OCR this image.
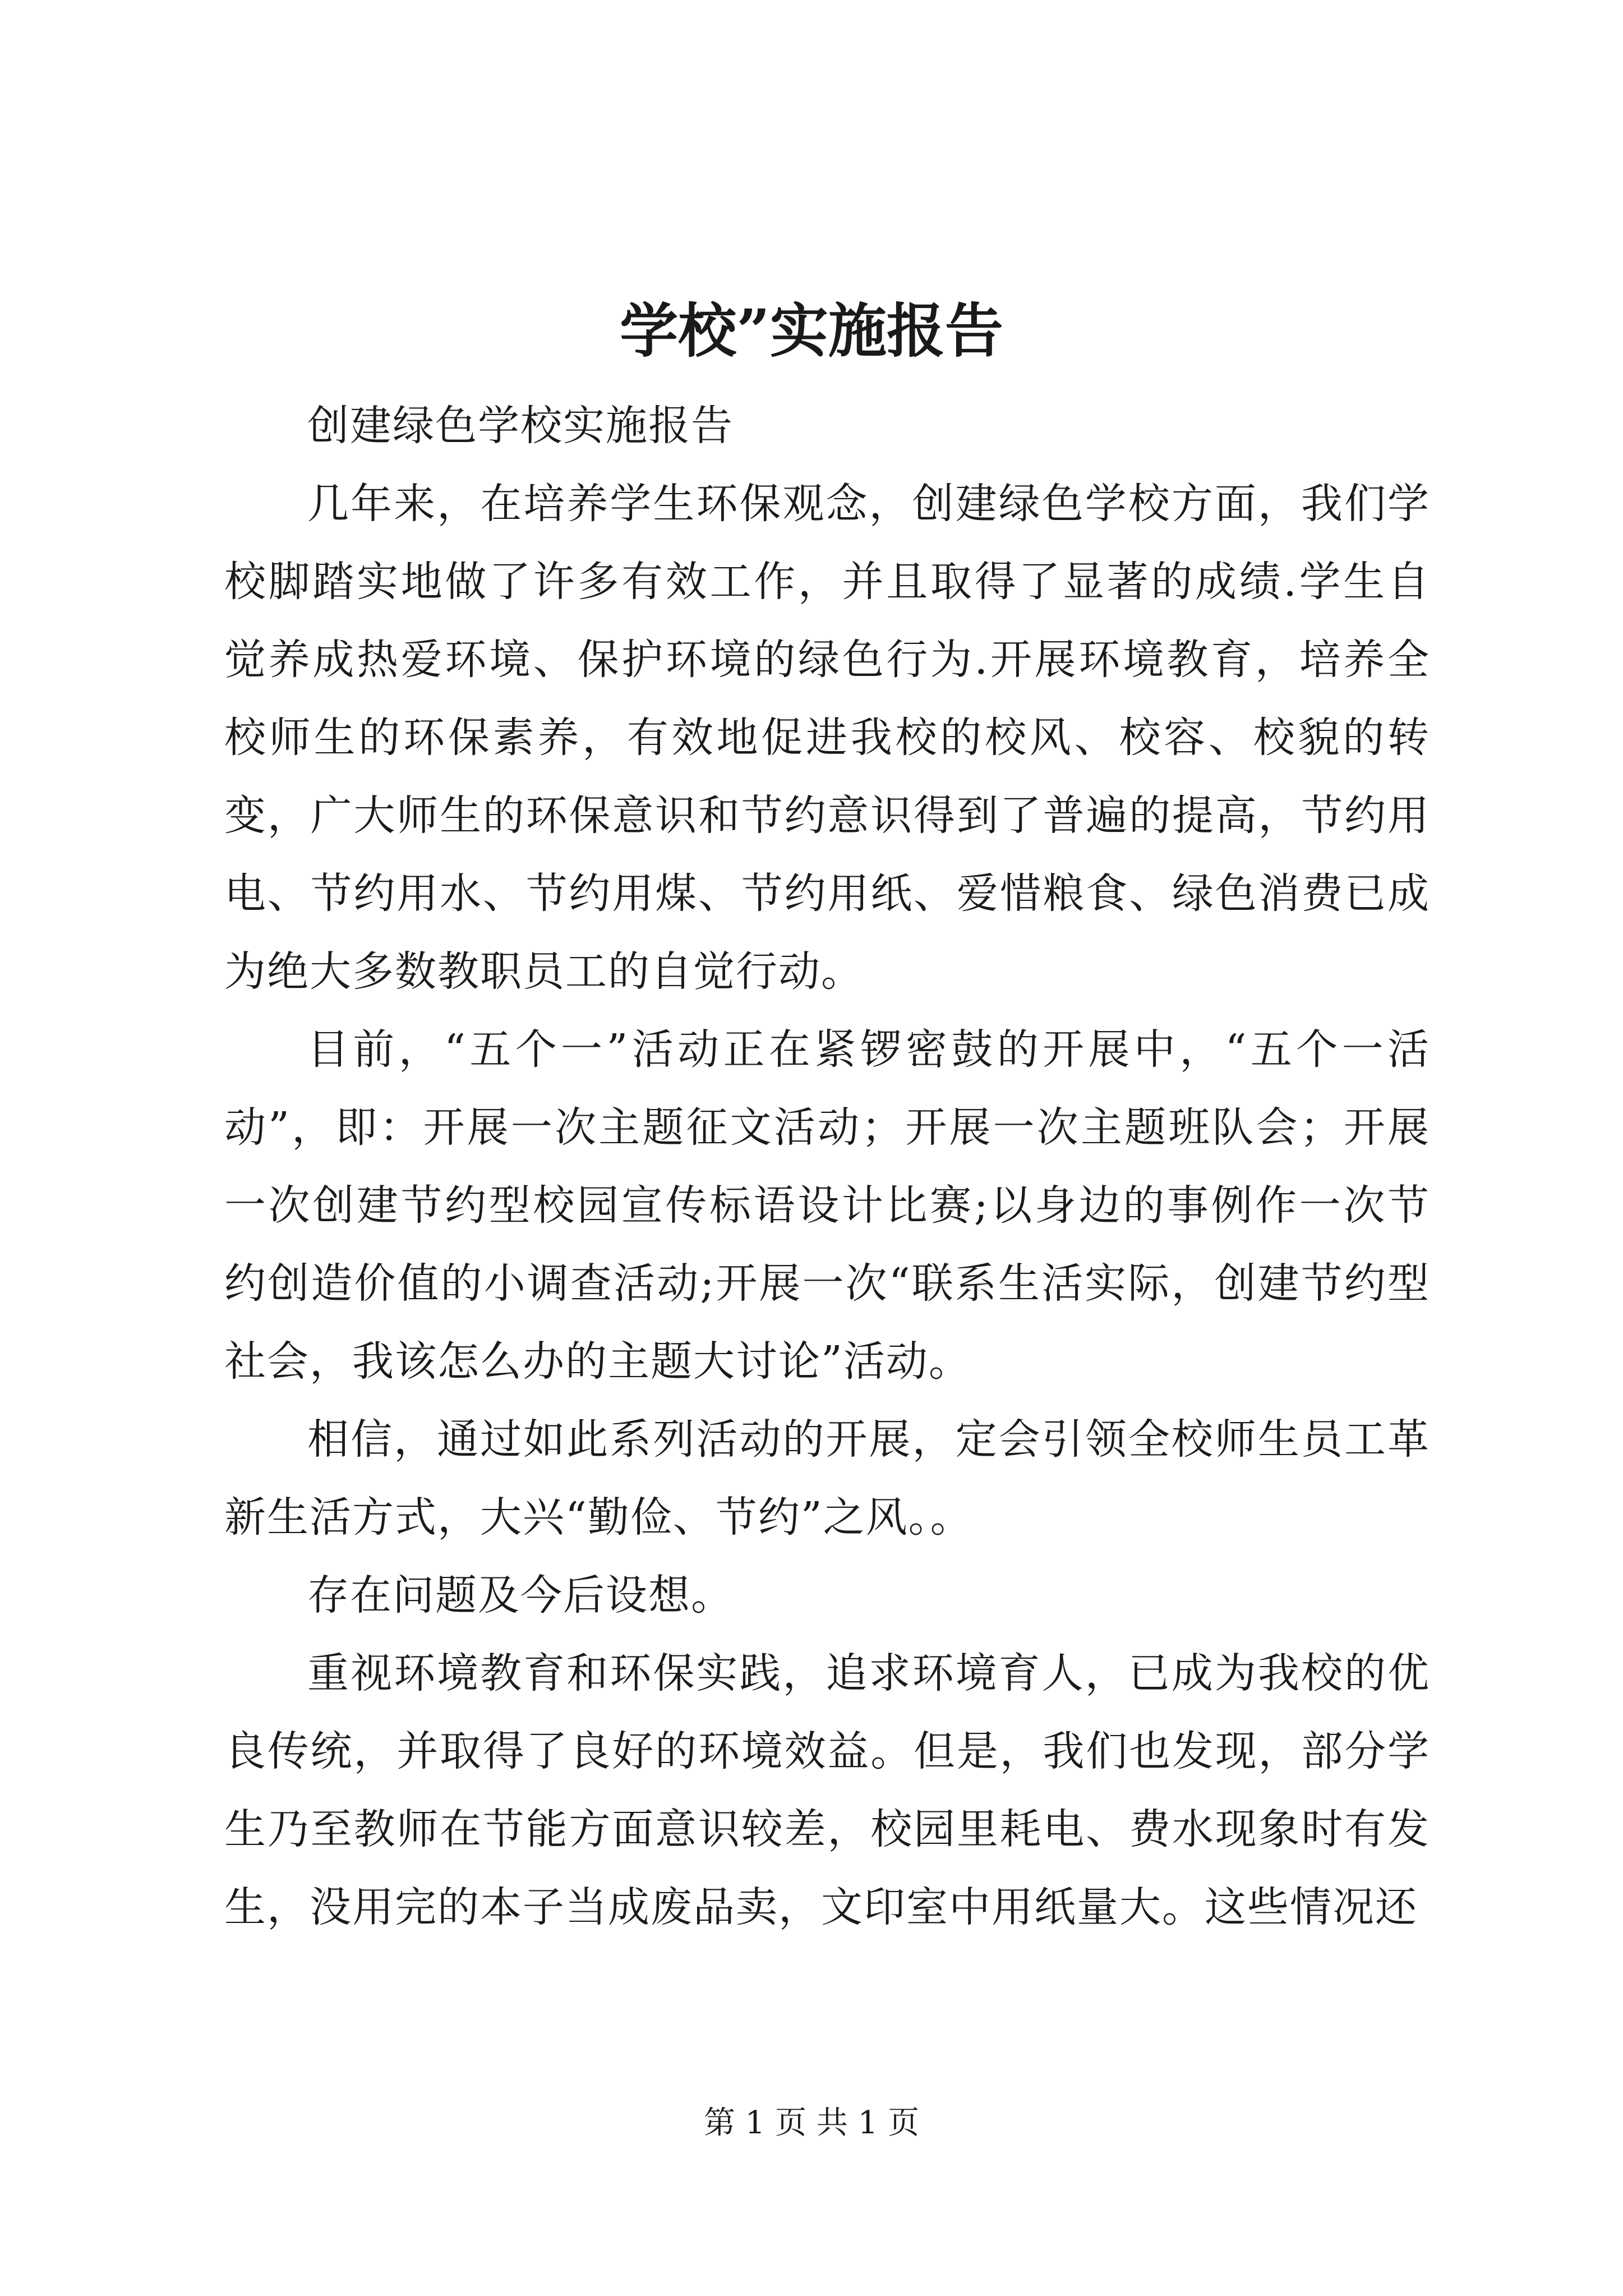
学校”实施报告

创建绿色学校实施报告

几年来，在培养学生环保观念，创建绿色学校方面，我们学校脚踏实地做了许多有效工作，并且取得了显著的成绩.学生自觉养成热爱环境、保护环境的绿色行为.开展环境教育，培养全校师生的环保素养，有效地促进我校的校风、校容、校貌的转变，广大师生的环保意识和节约意识得到了普遍的提高，节约用电、节约用水、节约用煤、节约用纸、爱惜粮食、绿色消费已成为绝大多数教职员工的自觉行动。

目前，“五个一”活动正在紧锣密鼓的开展中，“五个一活动”，即：开展一次主题征文活动；开展一次主题班队会；开展一次创建节约型校园宣传标语设计比赛;以身边的事例作一次节约创造价值的小调查活动;开展一次“联系生活实际，创建节约型社会，我该怎么办的主题大讨论”活动。

相信，通过如此系列活动的开展，定会引领全校师生员工革新生活方式，大兴“勤俭、节约”之风。。

存在问题及今后设想。

重视环境教育和环保实践，追求环境育人，已成为我校的优良传统，并取得了良好的环境效益。但是，我们也发现，部分学生乃至教师在节能方面意识较差，校园里耗电、费水现象时有发生，没用完的本子当成废品卖，文印室中用纸量大。这些情况还

第 1 页 共 1 页
